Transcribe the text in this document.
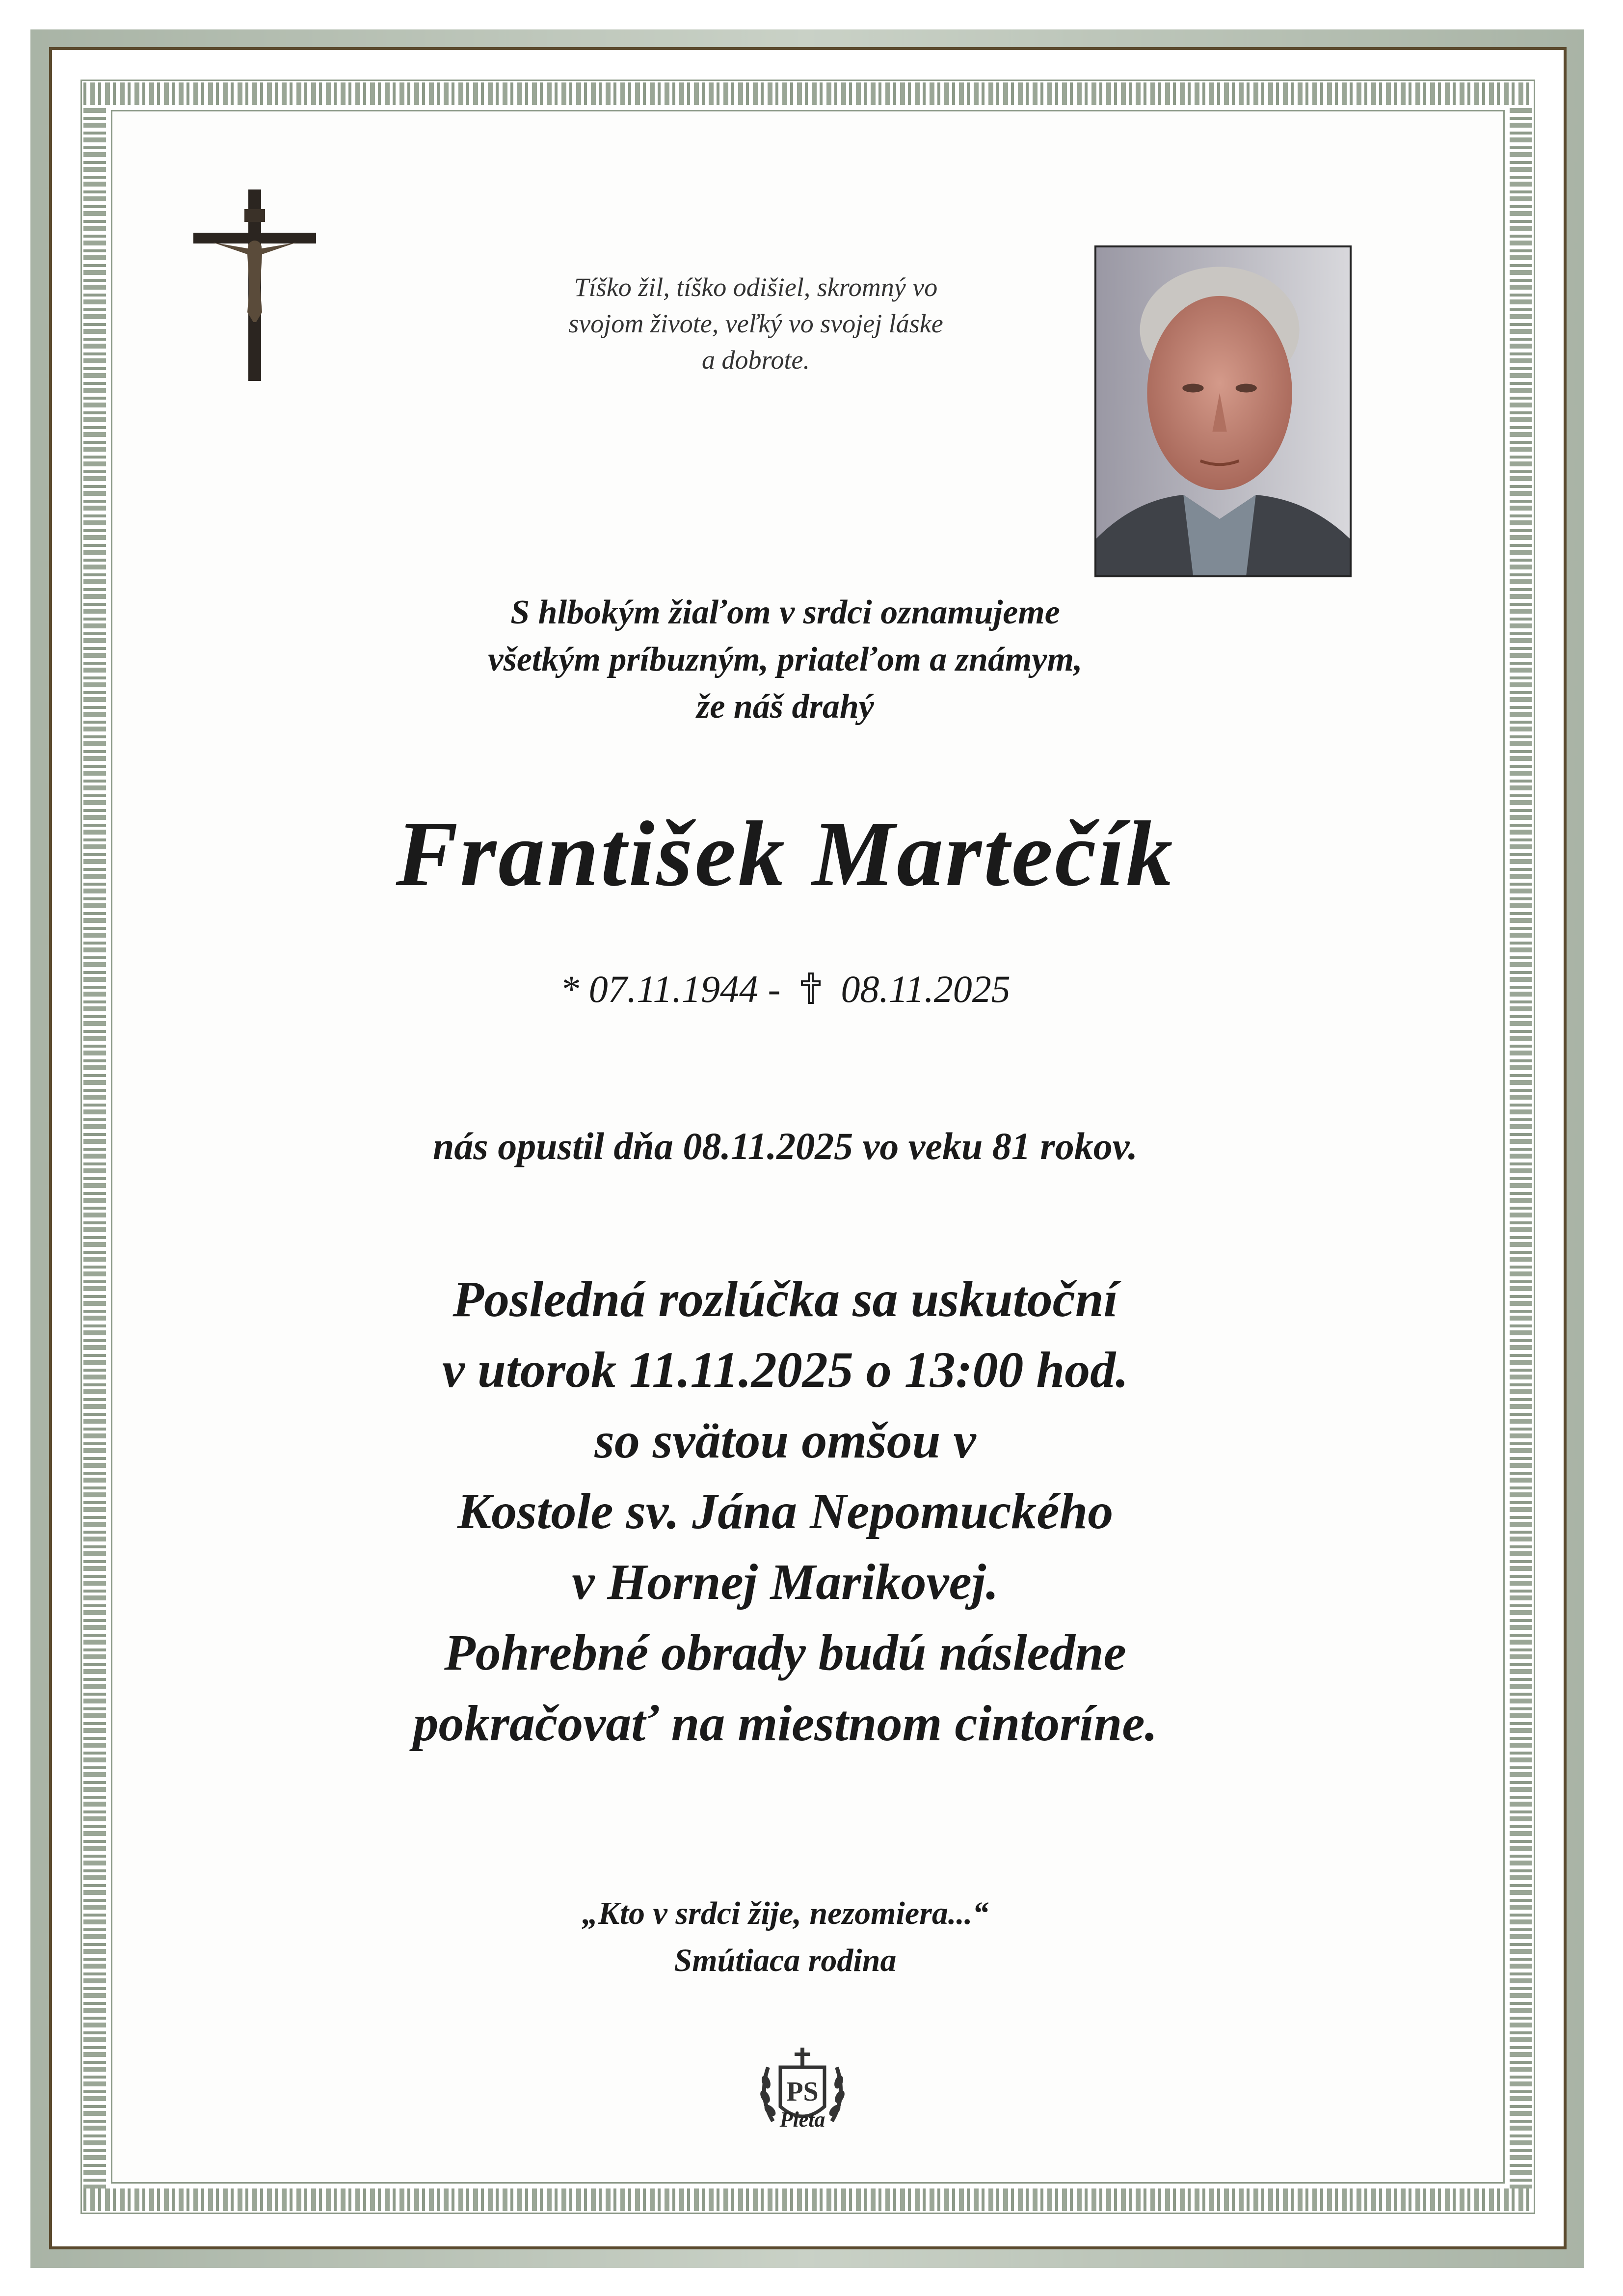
Tíško žil, tíško odišiel, skromný vo
svojom živote, veľký vo svojej láske
a dobrote.
S hlbokým žiaľom v srdci oznamujeme
všetkým príbuzným, priateľom a známym,
že náš drahý
František Martečík
* 07.11.1944 - 08.11.2025
nás opustil dňa 08.11.2025 vo veku 81 rokov.
Posledná rozlúčka sa uskutoční
v utorok 11.11.2025 o 13:00 hod.
so svätou omšou v
Kostole sv. Jána Nepomuckého
v Hornej Marikovej.
Pohrebné obrady budú následne
pokračovať na miestnom cintoríne.
„Kto v srdci žije, nezomiera...“
Smútiaca rodina
PS
Pieta
